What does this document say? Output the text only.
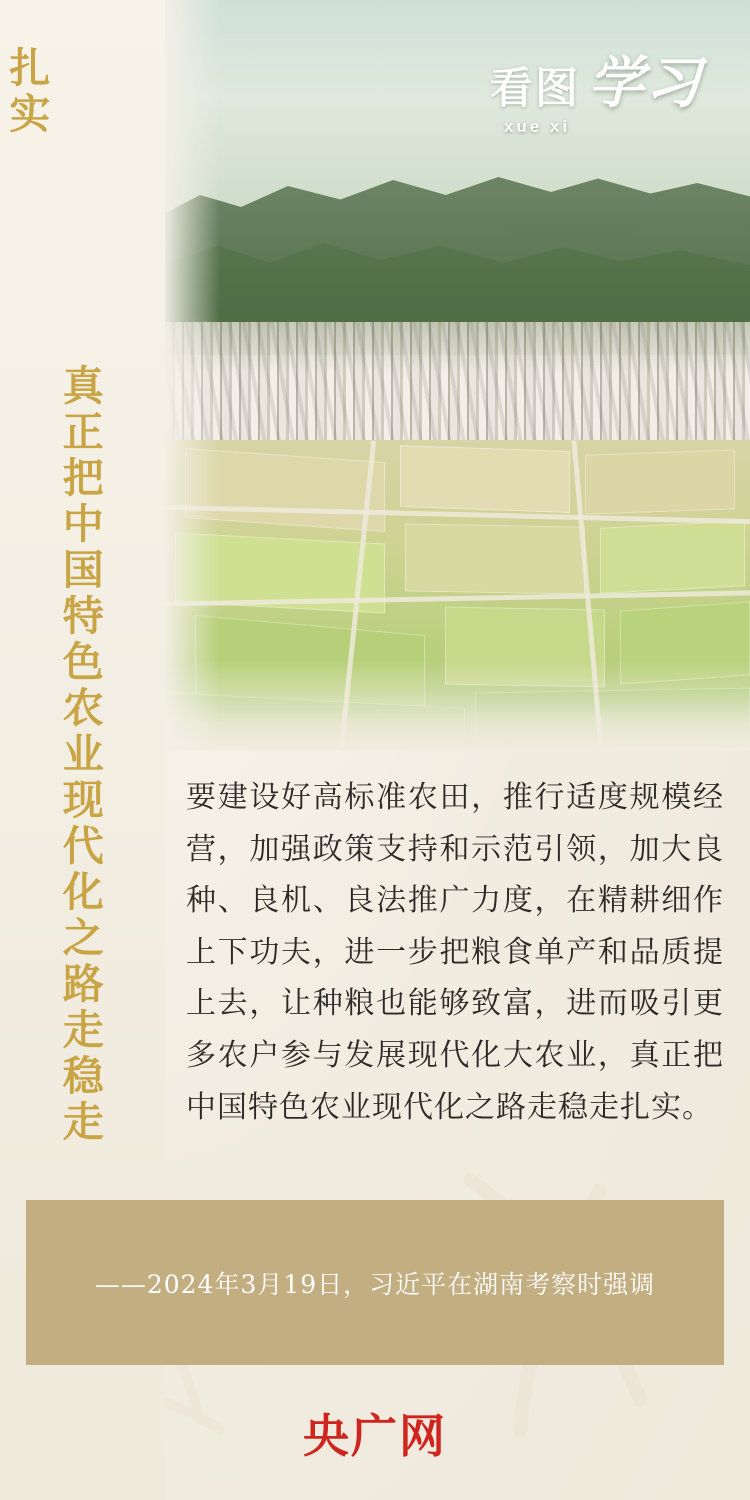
真正把中国特色农业现代化之路走稳走扎实

	看图 学习
xue xi
要建设好高标准农田，推行适度规模经营，加强政策支持和示范引领，加大良种、良机、良法推广力度，在精耕细作上下功夫，进一步把粮食单产和品质提上去，让种粮也能够致富，进而吸引更多农户参与发展现代化大农业，真正把中国特色农业现代化之路走稳走扎实。
——2024年3月19日，习近平在湖南考察时强调
央广网
